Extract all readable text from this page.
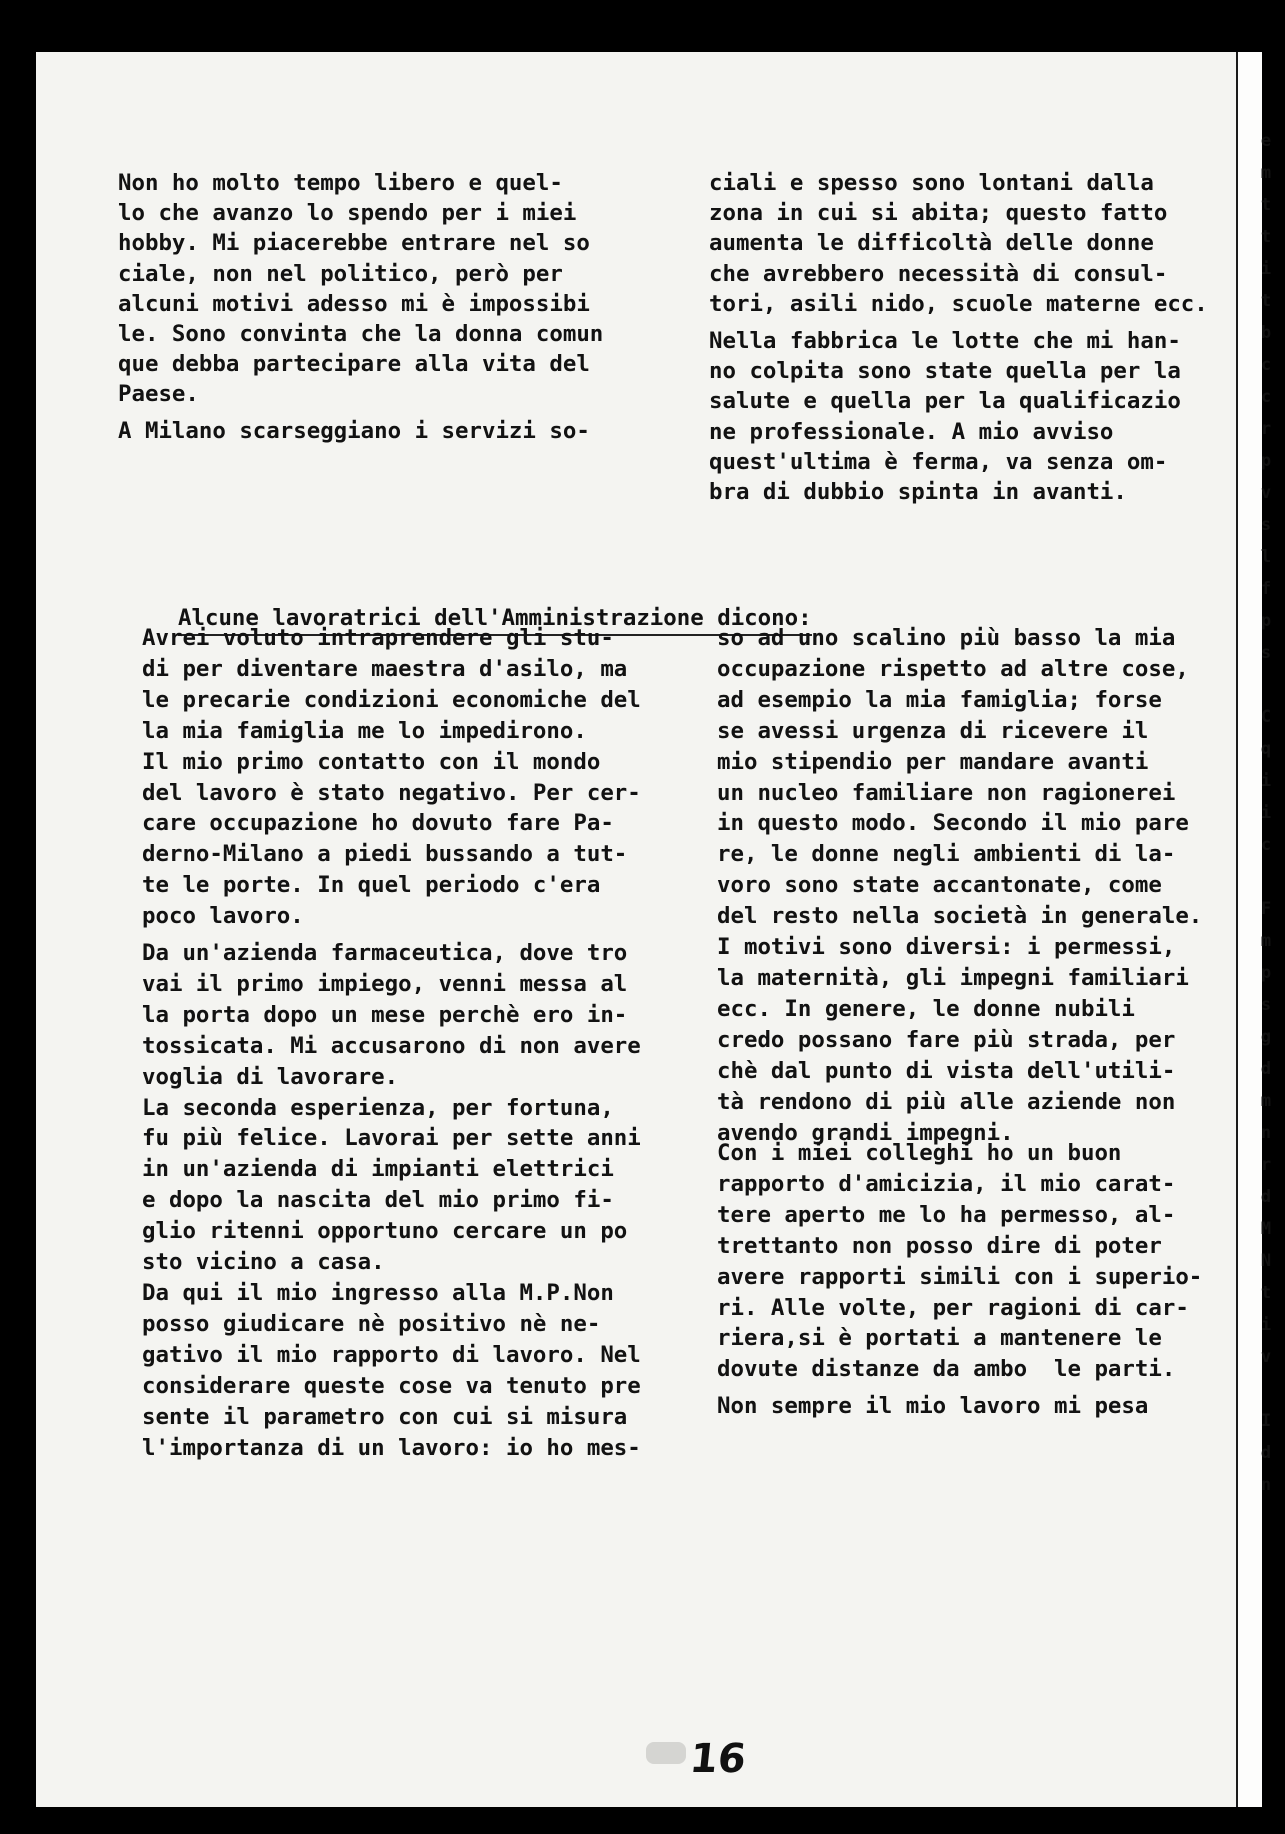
Non ho molto tempo libero e quel-
lo che avanzo lo spendo per i miei
hobby. Mi piacerebbe entrare nel so
ciale, non nel politico, però per
alcuni motivi adesso mi è impossibi
le. Sono convinta che la donna comun
que debba partecipare alla vita del
Paese.

A Milano scarseggiano i servizi so-

ciali e spesso sono lontani dalla
zona in cui si abita; questo fatto
aumenta le difficoltà delle donne
che avrebbero necessità di consul-
tori, asili nido, scuole materne ecc.

Nella fabbrica le lotte che mi han-
no colpita sono state quella per la
salute e quella per la qualificazio
ne professionale. A mio avviso
quest'ultima è ferma, va senza om-
bra di dubbio spinta in avanti.

Alcune lavoratrici dell'Amministrazione dicono:

Avrei voluto intraprendere gli stu-
di per diventare maestra d'asilo, ma
le precarie condizioni economiche del
la mia famiglia me lo impedirono.
Il mio primo contatto con il mondo
del lavoro è stato negativo. Per cer-
care occupazione ho dovuto fare Pa-
derno-Milano a piedi bussando a tut-
te le porte. In quel periodo c'era
poco lavoro.

Da un'azienda farmaceutica, dove tro
vai il primo impiego, venni messa al
la porta dopo un mese perchè ero in-
tossicata. Mi accusarono di non avere
voglia di lavorare.
La seconda esperienza, per fortuna,
fu più felice. Lavorai per sette anni
in un'azienda di impianti elettrici
e dopo la nascita del mio primo fi-
glio ritenni opportuno cercare un po
sto vicino a casa.
Da qui il mio ingresso alla M.P.Non
posso giudicare nè positivo nè ne-
gativo il mio rapporto di lavoro. Nel
considerare queste cose va tenuto pre
sente il parametro con cui si misura
l'importanza di un lavoro: io ho mes-

so ad uno scalino più basso la mia
occupazione rispetto ad altre cose,
ad esempio la mia famiglia; forse
se avessi urgenza di ricevere il
mio stipendio per mandare avanti
un nucleo familiare non ragionerei
in questo modo. Secondo il mio pare
re, le donne negli ambienti di la-
voro sono state accantonate, come
del resto nella società in generale.
I motivi sono diversi: i permessi,
la maternità, gli impegni familiari
ecc. In genere, le donne nubili
credo possano fare più strada, per
chè dal punto di vista dell'utili-
tà rendono di più alle aziende non
avendo grandi impegni.

Con i miei colleghi ho un buon
rapporto d'amicizia, il mio carat-
tere aperto me lo ha permesso, al-
trettanto non posso dire di poter
avere rapporti simili con i superio-
ri. Alle volte, per ragioni di car-
riera,si è portati a mantenere le
dovute distanze da ambo  le parti.

Non sempre il mio lavoro mi pesa

16
e
m
t
t
i
t
b
c
c
r
p
v
s
l
f
p
s
C
q
i
i
c
F
m
p
s
g
d
m
n
r
d
M
N
t
i
v
I
d
n
